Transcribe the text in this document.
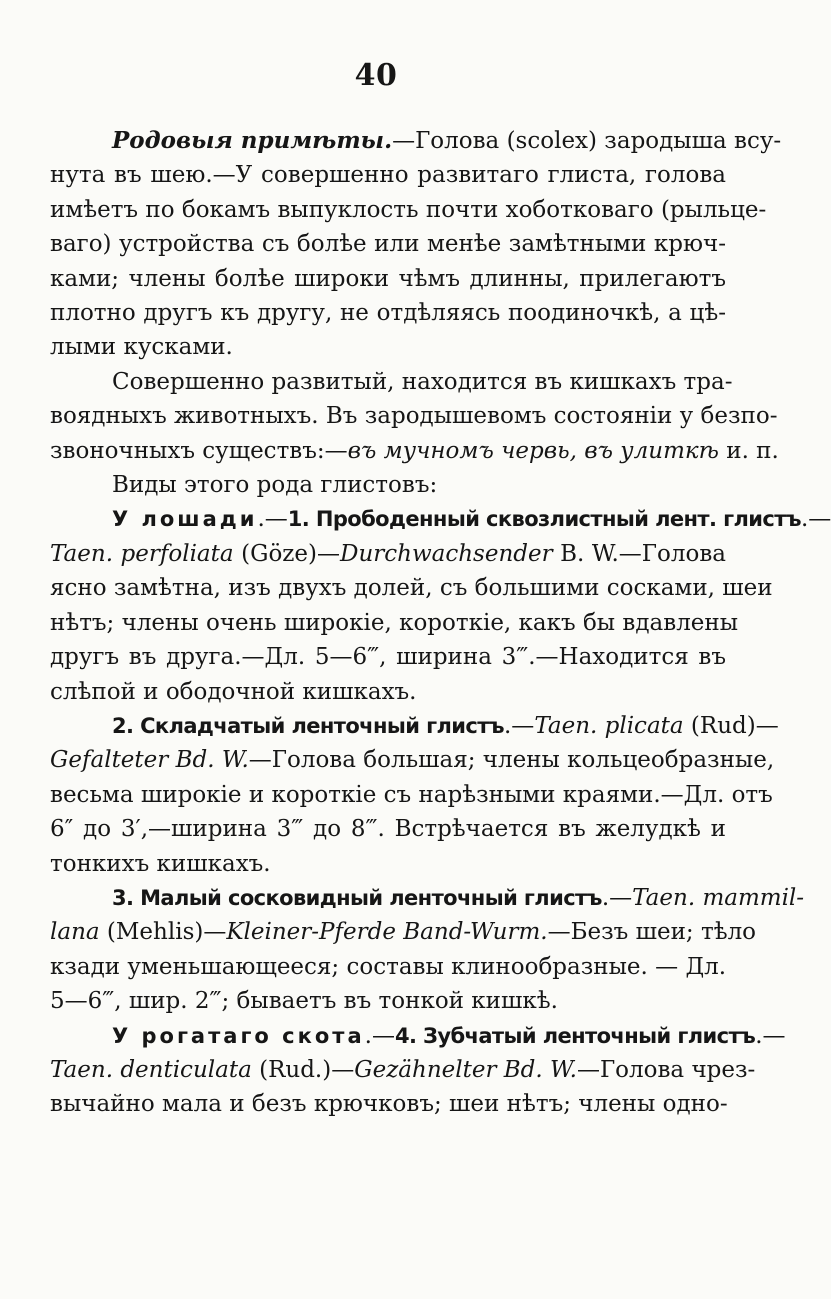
40
Родовыя примѣты.—Голова (scolex) зародыша всу-
нута въ шею.—У совершенно развитаго глиста, голова
имѣетъ по бокамъ выпуклость почти хоботковаго (рыльце-
ваго) устройства съ болѣе или менѣе замѣтными крюч-
ками; члены болѣе широки чѣмъ длинны, прилегаютъ
плотно другъ къ другу, не отдѣляясь поодиночкѣ, а цѣ-
лыми кусками.
Совершенно развитый, находится въ кишкахъ тра-
воядныхъ животныхъ. Въ зародышевомъ состояніи у безпо-
звоночныхъ существъ:—въ мучномъ червь, въ улиткѣ и. п.
Виды этого рода глистовъ:
У лошади.—1. Прободенный сквозлистный лент. глистъ.—
Taen. perfoliata (Göze)—Durchwachsender B. W.—Голова
ясно замѣтна, изъ двухъ долей, съ большими сосками, шеи
нѣтъ; члены очень широкіе, короткіе, какъ бы вдавлены
другъ въ друга.—Дл. 5—6‴, ширина 3‴.—Находится въ
слѣпой и ободочной кишкахъ.
2. Складчатый ленточный глистъ.—Taen. plicata (Rud)—
Gefalteter Bd. W.—Голова большая; члены кольцеобразные,
весьма широкіе и короткіе съ нарѣзными краями.—Дл. отъ
6″ до 3′,—ширина 3‴ до 8‴. Встрѣчается въ желудкѣ и
тонкихъ кишкахъ.
3. Малый сосковидный ленточный глистъ.—Taen. mammil-
lana (Mehlis)—Kleiner-Pferde Band-Wurm.—Безъ шеи; тѣло
кзади уменьшающееся; составы клинообразные. — Дл.
5—6‴, шир. 2‴; бываетъ въ тонкой кишкѣ.
У рогатаго скота.—4. Зубчатый ленточный глистъ.—
Taen. denticulata (Rud.)—Gezähnelter Bd. W.—Голова чрез-
вычайно мала и безъ крючковъ; шеи нѣтъ; члены одно-
